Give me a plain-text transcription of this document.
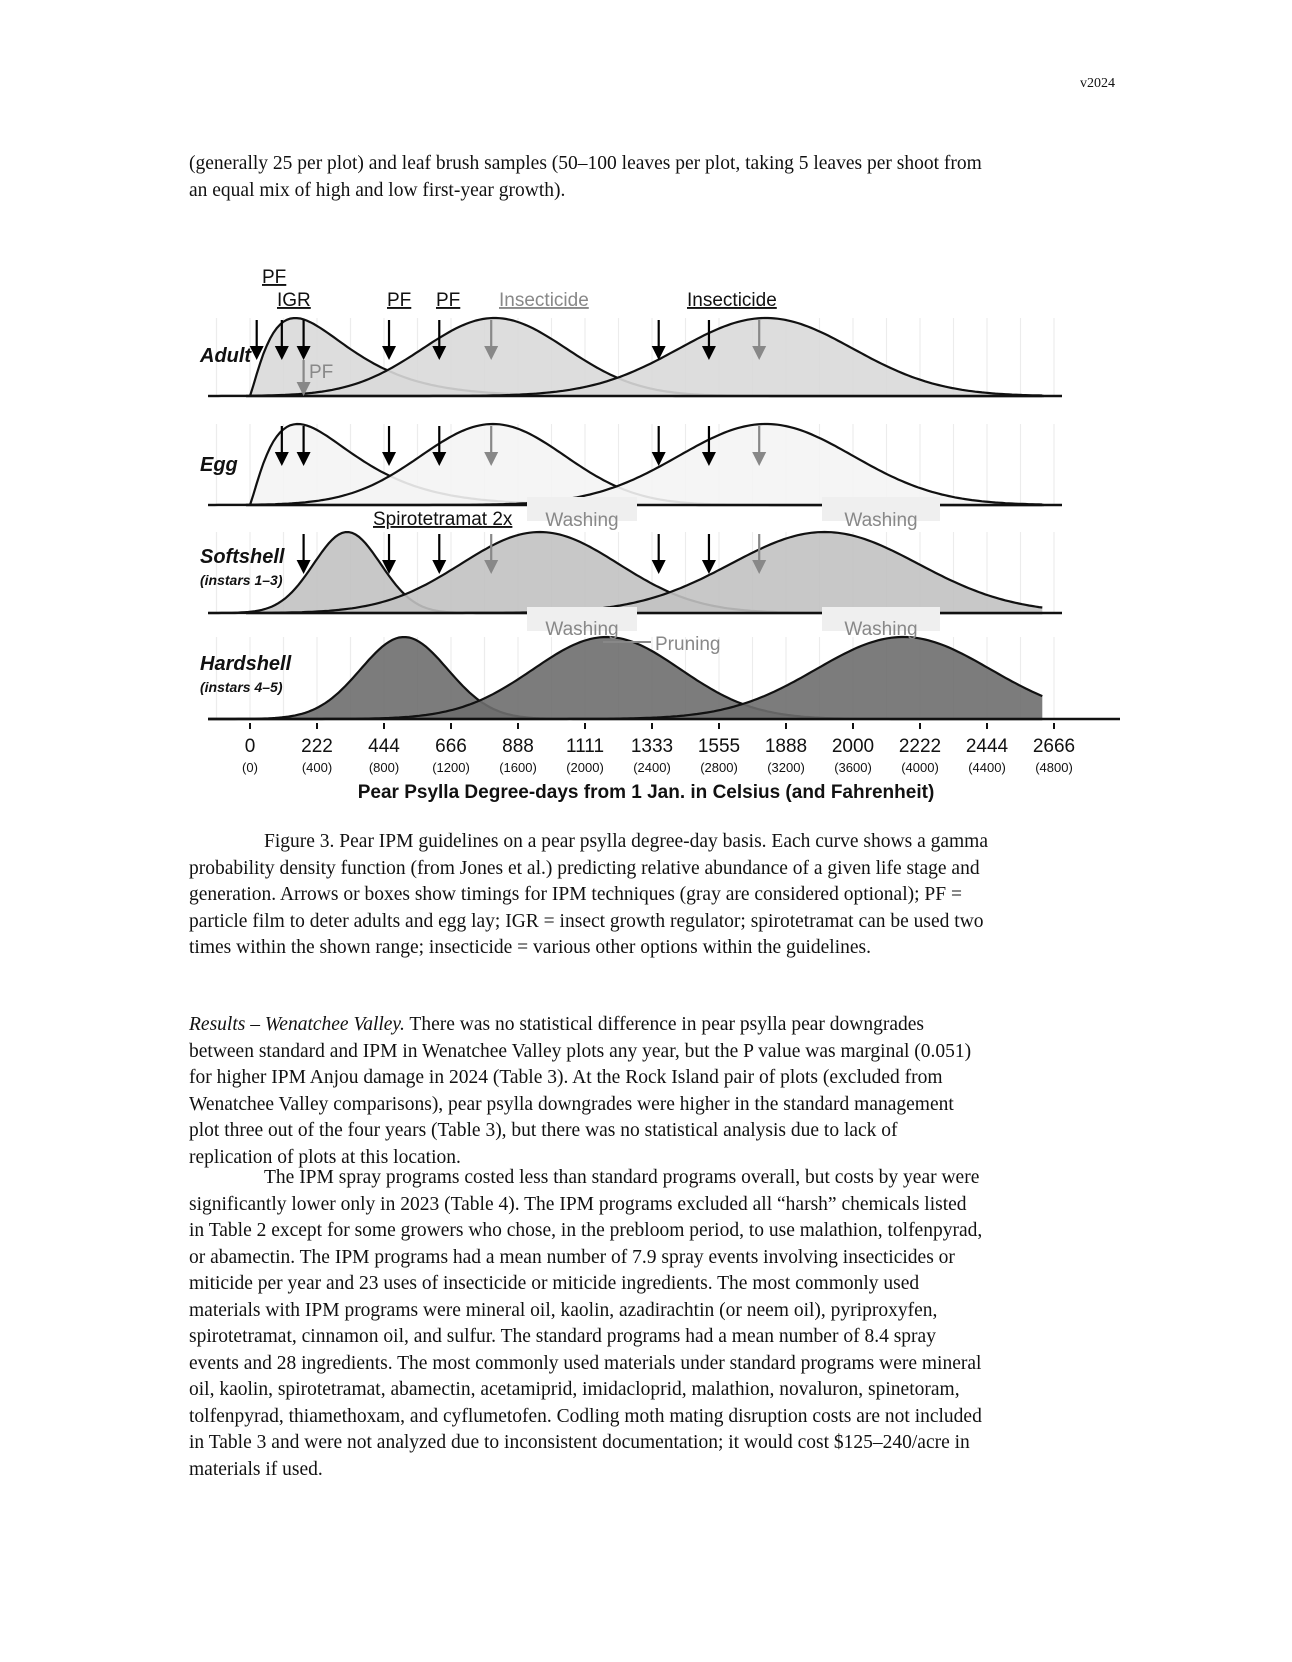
v2024

(generally 25 per plot) and leaf brush samples (50–100 leaves per plot, taking 5 leaves per shoot from
an equal mix of high and low first-year growth).

Adult
Egg
Softshell
(instars 1–3)
Hardshell
(instars 4–5)
PF
IGR	PF PF Insecticide	Insecticide
PF
Spirotetramat 2x Washing	Washing
Washing	Washing
Pruning
0
(0)
222
(400)
444
(800)
666
(1200)
888
(1600)
1111
(2000)
1333
(2400)
1555
(2800)
1888
(3200)
2000
(3600)
2222
(4000)
2444
(4400)
2666
(4800)
Pear Psylla Degree-days from 1 Jan. in Celsius (and Fahrenheit)
Figure 3. Pear IPM guidelines on a pear psylla degree-day basis. Each curve shows a gamma
probability density function (from Jones et al.) predicting relative abundance of a given life stage and
generation. Arrows or boxes show timings for IPM techniques (gray are considered optional); PF =
particle film to deter adults and egg lay; IGR = insect growth regulator; spirotetramat can be used two
times within the shown range; insecticide = various other options within the guidelines.
Results – Wenatchee Valley. There was no statistical difference in pear psylla pear downgrades
between standard and IPM in Wenatchee Valley plots any year, but the P value was marginal (0.051)
for higher IPM Anjou damage in 2024 (Table 3). At the Rock Island pair of plots (excluded from
Wenatchee Valley comparisons), pear psylla downgrades were higher in the standard management
plot three out of the four years (Table 3), but there was no statistical analysis due to lack of
replication of plots at this location.
The IPM spray programs costed less than standard programs overall, but costs by year were
significantly lower only in 2023 (Table 4). The IPM programs excluded all “harsh” chemicals listed
in Table 2 except for some growers who chose, in the prebloom period, to use malathion, tolfenpyrad,
or abamectin. The IPM programs had a mean number of 7.9 spray events involving insecticides or
miticide per year and 23 uses of insecticide or miticide ingredients. The most commonly used
materials with IPM programs were mineral oil, kaolin, azadirachtin (or neem oil), pyriproxyfen,
spirotetramat, cinnamon oil, and sulfur. The standard programs had a mean number of 8.4 spray
events and 28 ingredients. The most commonly used materials under standard programs were mineral
oil, kaolin, spirotetramat, abamectin, acetamiprid, imidacloprid, malathion, novaluron, spinetoram,
tolfenpyrad, thiamethoxam, and cyflumetofen. Codling moth mating disruption costs are not included
in Table 3 and were not analyzed due to inconsistent documentation; it would cost $125–240/acre in
materials if used.
